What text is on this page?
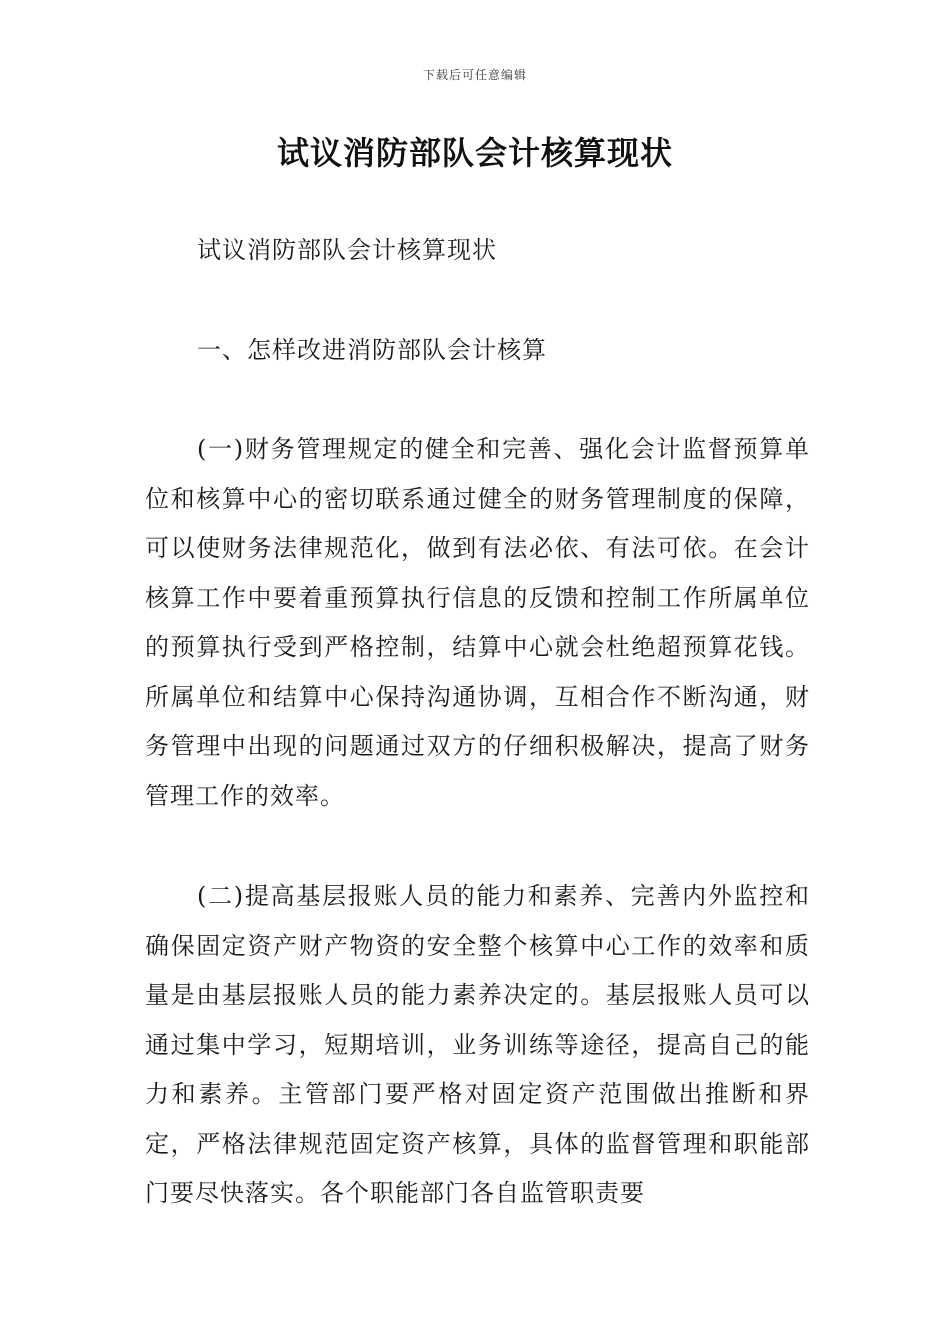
下载后可任意编辑
试议消防部队会计核算现状

试议消防部队会计核算现状

一、怎样改进消防部队会计核算

(一)财务管理规定的健全和完善、强化会计监督预算单位和核算中心的密切联系通过健全的财务管理制度的保障，可以使财务法律规范化，做到有法必依、有法可依。在会计核算工作中要着重预算执行信息的反馈和控制工作所属单位的预算执行受到严格控制，结算中心就会杜绝超预算花钱。所属单位和结算中心保持沟通协调，互相合作不断沟通，财务管理中出现的问题通过双方的仔细积极解决，提高了财务管理工作的效率。

(二)提高基层报账人员的能力和素养、完善内外监控和确保固定资产财产物资的安全整个核算中心工作的效率和质量是由基层报账人员的能力素养决定的。基层报账人员可以通过集中学习，短期培训，业务训练等途径，提高自己的能力和素养。主管部门要严格对固定资产范围做出推断和界定，严格法律规范固定资产核算，具体的监督管理和职能部门要尽快落实。各个职能部门各自监管职责要
